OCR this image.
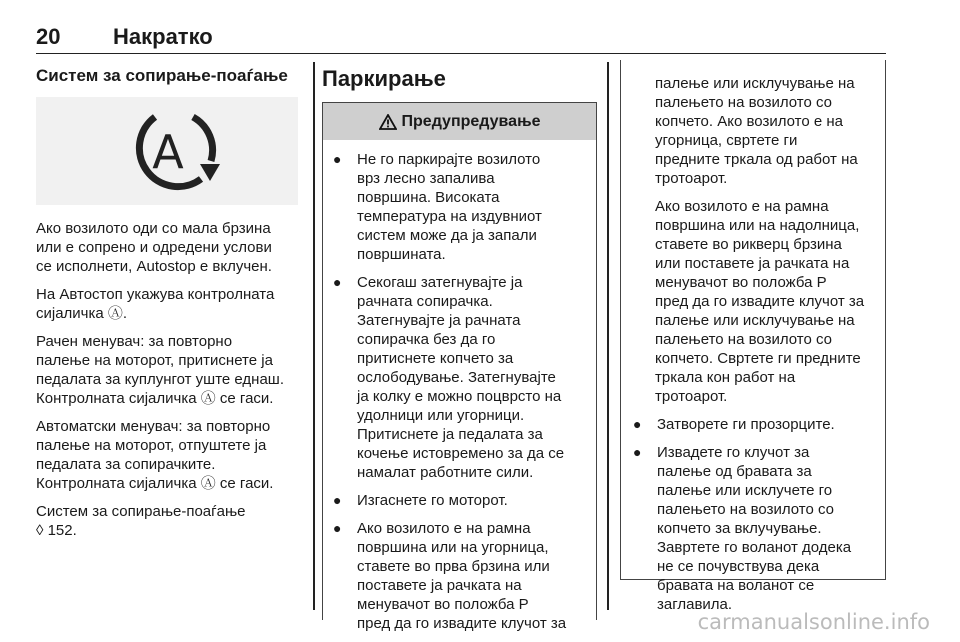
20 Накратко
Систем за сопирање-поаѓање
A

Ако возилото оди со мала брзина
или е сопрено и одредени услови
се исполнети, Autostop е вклучен.

На Автостоп укажува контролната
сијаличка Ⓐ.

Рачен менувач: за повторно
палење на моторот, притиснете ја
педалата за куплунгот уште еднаш.
Контролната сијаличка Ⓐ се гаси.

Автоматски менувач: за повторно
палење на моторот, отпуштете ја
педалата за сопирачките.
Контролната сијаличка Ⓐ се гаси.

Систем за сопирање-поаѓање
◊ 152.

Паркирање
Предупредување
●	Не го паркирајте возилото
врз лесно запалива
површина. Високата
температура на издувниот
систем може да ја запали
површината.
●	Секогаш затегнувајте ја
рачната сопирачка.
Затегнувајте ја рачната
сопирачка без да го
притиснете копчето за
ослободување. Затегнувајте
ја колку е можно поцврсто на
удолници или угорници.
Притиснете ја педалата за
кочење истовремено за да се
намалат работните сили.
●	Изгаснете го моторот.
●	Ако возилото е на рамна
површина или на угорница,
ставете во прва брзина или
поставете ја рачката на
менувачот во положба P
пред да го извадите клучот за

палење или исклучување на
палењето на возилото со
копчето. Ако возилото е на
угорница, свртете ги
предните тркала од работ на
тротоарот.

Ако возилото е на рамна
површина или на надолница,
ставете во рикверц брзина
или поставете ја рачката на
менувачот во положба P
пред да го извадите клучот за
палење или исклучување на
палењето на возилото со
копчето. Свртете ги предните
тркала кон работ на
тротоарот.

●	Затворете ги прозорците.
●	Извадете го клучот за
палење од бравата за
палење или исклучете го
палењето на возилото со
копчето за вклучување.
Завртете го воланот додека
не се почувствува дека
бравата на воланот се
заглавила.
carmanualsonline.info
